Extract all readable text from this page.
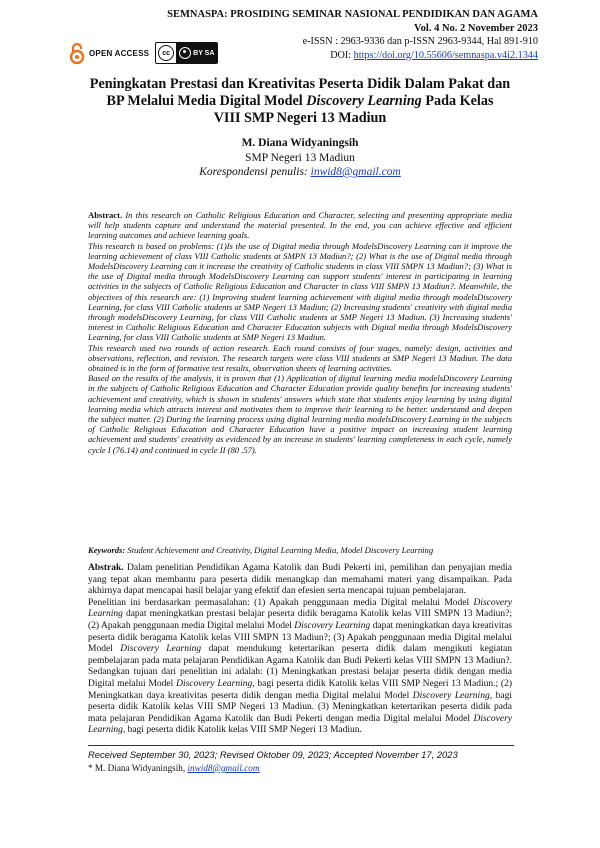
OPEN ACCESS	cc	BY SA
SEMNASPA: PROSIDING SEMINAR NASIONAL PENDIDIKAN DAN AGAMA
Vol. 4 No. 2 November 2023
e-ISSN : 2963-9336 dan p-ISSN 2963-9344, Hal 891-910
DOI: https://doi.org/10.55606/semnaspa.v4i2.1344
Peningkatan Prestasi dan Kreativitas Peserta Didik Dalam Pakat dan
BP Melalui Media Digital Model Discovery Learning Pada Kelas
VIII SMP Negeri 13 Madiun
M. Diana Widyaningsih
SMP Negeri 13 Madiun
Korespondensi penulis: inwid8@gmail.com

Abstract. In this research on Catholic Religious Education and Character, selecting and presenting appropriate media will help students capture and understand the material presented. In the end, you can achieve effective and efficient learning outcomes and achieve learning goals.

This research is based on problems: (1)Is the use of Digital media through ModelsDiscovery Learning can it improve the learning achievement of class VIII Catholic students at SMPN 13 Madiun?; (2) What is the use of Digital media through ModelsDiscovery Learning can it increase the creativity of Catholic students in class VIII SMPN 13 Madiun?; (3) What is the use of Digital media through ModelsDiscovery Learning can support students' interest in participating in learning activities in the subjects of Catholic Religious Education and Character in class VIII SMPN 13 Madiun?. Meanwhile, the objectives of this research are: (1) Improving student learning achievement with digital media through modelsDiscovery Learning, for class VIII Catholic students at SMP Negeri 13 Madiun; (2) Increasing students' creativity with digital media through modelsDiscovery Learning, for class VIII Catholic students at SMP Negeri 13 Madiun. (3) Increasing students' interest in Catholic Religious Education and Character Education subjects with Digital media through ModelsDiscovery Learning, for class VIII Catholic students at SMP Negeri 13 Madiun.

This research used two rounds of action research. Each round consists of four stages, namely: design, activities and observations, reflection, and revision. The research targets were class VIII students at SMP Negeri 13 Madiun. The data obtained is in the form of formative test results, observation sheets of learning activities.

Based on the results of the analysis, it is proven that (1) Application of digital learning media modelsDiscovery Learning in the subjects of Catholic Religious Education and Character Education provide quality benefits for increasing students' achievement and creativity, which is shown in students' answers which state that students enjoy learning by using digital learning media which attracts interest and motivates them to improve their learning to be better. understand and deepen the subject matter. (2) During the learning process using digital learning media modelsDiscovery Learning in the subjects of Catholic Religious Education and Character Education have a positive impact on increasing student learning achievement and students' creativity as evidenced by an increase in students' learning completeness in each cycle, namely cycle I (76.14) and continued in cycle II (80 .57).

Keywords: Student Achievement and Creativity, Digital Learning Media, Model Discovery Learning

Abstrak. Dalam penelitian Pendidikan Agama Katolik dan Budi Pekerti ini, pemilihan dan penyajian media yang tepat akan membantu para peserta didik menangkap dan memahami materi yang disampaikan. Pada akhirnya dapat mencapai hasil belajar yang efektif dan efesien serta mencapai tujuan pembelajaran.

Penelitian ini berdasarkan permasalahan: (1) Apakah penggunaan media Digital melalui Model Discovery Learning dapat meningkatkan prestasi belajar peserta didik beragama Katolik kelas VIII SMPN 13 Madiun?; (2) Apakah penggunaan media Digital melalui Model Discovery Learning dapat meningkatkan daya kreativitas peserta didik beragama Katolik kelas VIII SMPN 13 Madiun?; (3) Apakah penggunaan media Digital melalui Model Discovery Learning dapat mendukung ketertarikan peserta didik dalam mengikuti kegiatan pembelajaran pada mata pelajaran Pendidikan Agama Katolik dan Budi Pekerti kelas VIII SMPN 13 Madiun?. Sedangkan tujuan dari penelitian ini adalah: (1) Meningkatkan prestasi belajar peserta didik dengan media Digital melalui Model Discovery Learning, bagi peserta didik Katolik kelas VIII SMP Negeri 13 Madiun.; (2) Meningkatkan daya kreativitas peserta didik dengan media Digital melalui Model Discovery Learning, bagi peserta didik Katolik kelas VIII SMP Negeri 13 Madiun. (3) Meningkatkan ketertarikan peserta didik pada mata pelajaran Pendidikan Agama Katolik dan Budi Pekerti dengan media Digital melalui Model Discovery Learning, bagi peserta didik Katolik kelas VIII SMP Negeri 13 Madiun.

Received September 30, 2023; Revised Oktober 09, 2023; Accepted November 17, 2023
* M. Diana Widyaningsih, inwid8@gmail.com
